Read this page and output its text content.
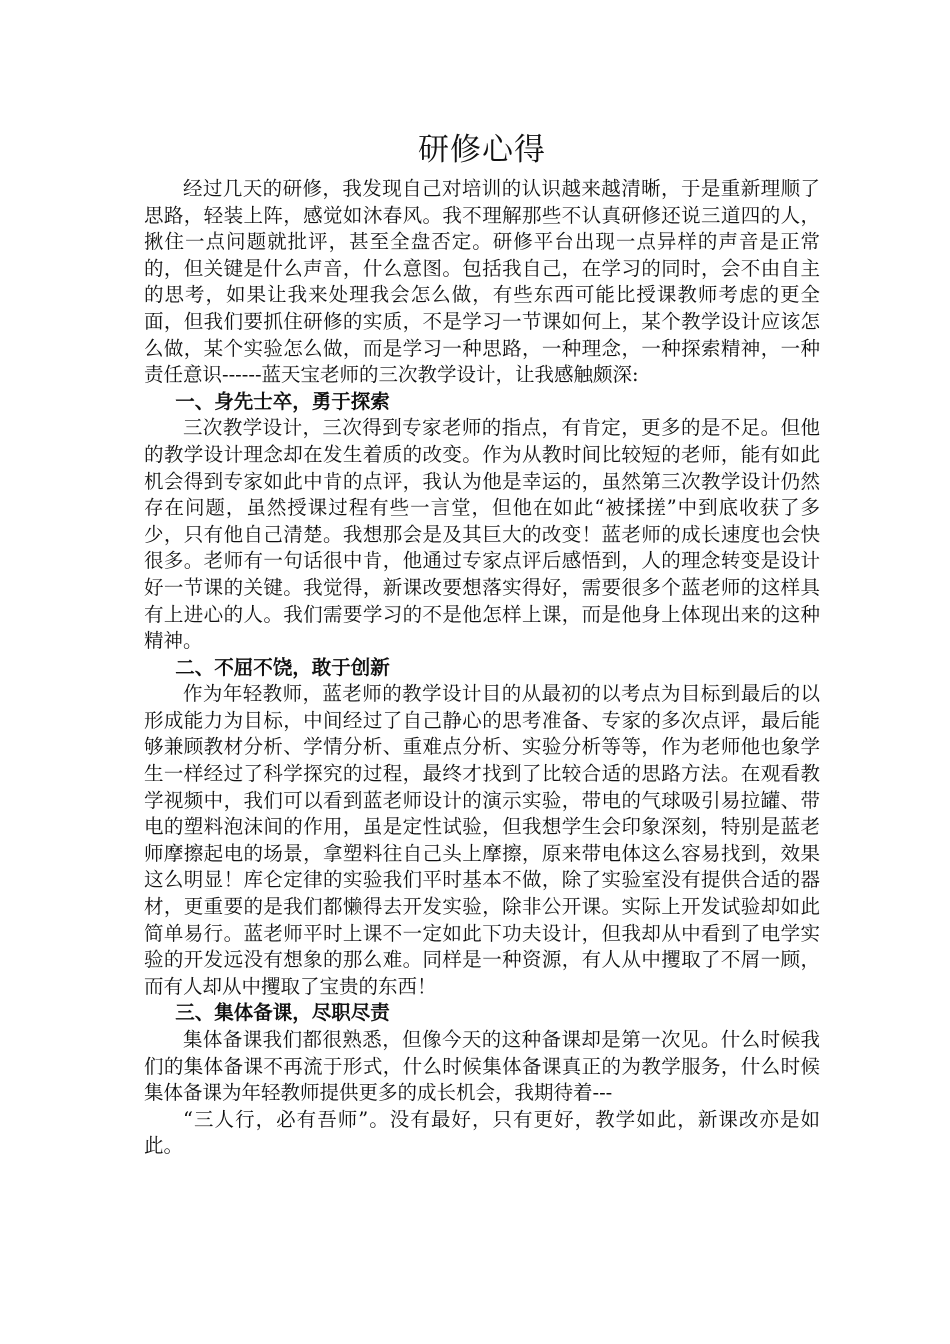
研修心得

经过几天的研修，我发现自己对培训的认识越来越清晰，于是重新理顺了思路，轻装上阵，感觉如沐春风。我不理解那些不认真研修还说三道四的人，揪住一点问题就批评，甚至全盘否定。研修平台出现一点异样的声音是正常的，但关键是什么声音，什么意图。包括我自己，在学习的同时，会不由自主的思考，如果让我来处理我会怎么做，有些东西可能比授课教师考虑的更全面，但我们要抓住研修的实质，不是学习一节课如何上，某个教学设计应该怎么做，某个实验怎么做，而是学习一种思路，一种理念，一种探索精神，一种责任意识------蓝天宝老师的三次教学设计，让我感触颇深:

一、身先士卒，勇于探索

三次教学设计，三次得到专家老师的指点，有肯定，更多的是不足。但他的教学设计理念却在发生着质的改变。作为从教时间比较短的老师，能有如此机会得到专家如此中肯的点评，我认为他是幸运的，虽然第三次教学设计仍然存在问题，虽然授课过程有些一言堂，但他在如此“被揉搓”中到底收获了多少，只有他自己清楚。我想那会是及其巨大的改变！蓝老师的成长速度也会快很多。老师有一句话很中肯，他通过专家点评后感悟到，人的理念转变是设计好一节课的关键。我觉得，新课改要想落实得好，需要很多个蓝老师的这样具有上进心的人。我们需要学习的不是他怎样上课，而是他身上体现出来的这种精神。

二、不屈不饶，敢于创新

作为年轻教师，蓝老师的教学设计目的从最初的以考点为目标到最后的以形成能力为目标，中间经过了自己静心的思考准备、专家的多次点评，最后能够兼顾教材分析、学情分析、重难点分析、实验分析等等，作为老师他也象学生一样经过了科学探究的过程，最终才找到了比较合适的思路方法。在观看教学视频中，我们可以看到蓝老师设计的演示实验，带电的气球吸引易拉罐、带电的塑料泡沫间的作用，虽是定性试验，但我想学生会印象深刻，特别是蓝老师摩擦起电的场景，拿塑料往自己头上摩擦，原来带电体这么容易找到，效果这么明显！库仑定律的实验我们平时基本不做，除了实验室没有提供合适的器材，更重要的是我们都懒得去开发实验，除非公开课。实际上开发试验却如此简单易行。蓝老师平时上课不一定如此下功夫设计，但我却从中看到了电学实验的开发远没有想象的那么难。同样是一种资源，有人从中攫取了不屑一顾，而有人却从中攫取了宝贵的东西！

三、集体备课，尽职尽责

集体备课我们都很熟悉，但像今天的这种备课却是第一次见。什么时候我们的集体备课不再流于形式，什么时候集体备课真正的为教学服务，什么时候集体备课为年轻教师提供更多的成长机会，我期待着---

“三人行，必有吾师”。没有最好，只有更好，教学如此，新课改亦是如此。
